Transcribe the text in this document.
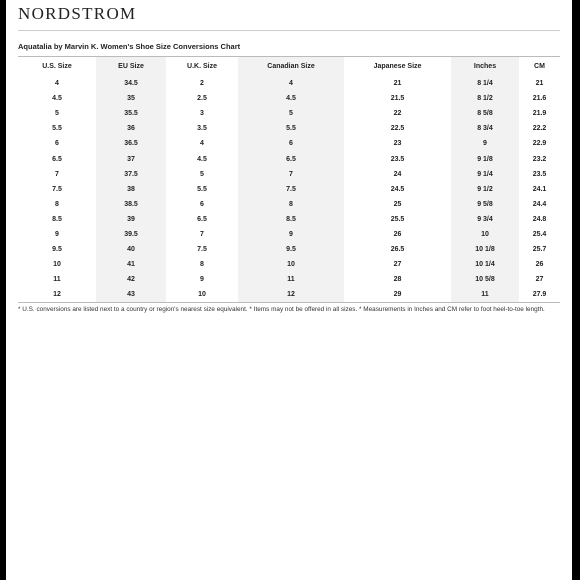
NORDSTROM
Aquatalia by Marvin K. Women's Shoe Size Conversions Chart
U.S. Size	EU Size	U.K. Size	Canadian Size	Japanese Size	Inches	CM
4	34.5	2	4	21	8 1/4	21
4.5	35	2.5	4.5	21.5	8 1/2	21.6
5	35.5	3	5	22	8 5/8	21.9
5.5	36	3.5	5.5	22.5	8 3/4	22.2
6	36.5	4	6	23	9	22.9
6.5	37	4.5	6.5	23.5	9 1/8	23.2
7	37.5	5	7	24	9 1/4	23.5
7.5	38	5.5	7.5	24.5	9 1/2	24.1
8	38.5	6	8	25	9 5/8	24.4
8.5	39	6.5	8.5	25.5	9 3/4	24.8
9	39.5	7	9	26	10	25.4
9.5	40	7.5	9.5	26.5	10 1/8	25.7
10	41	8	10	27	10 1/4	26
11	42	9	11	28	10 5/8	27
12	43	10	12	29	11	27.9
* U.S. conversions are listed next to a country or region's nearest size equivalent. * Items may not be offered in all sizes. * Measurements in Inches and CM refer to foot heel-to-toe length.
